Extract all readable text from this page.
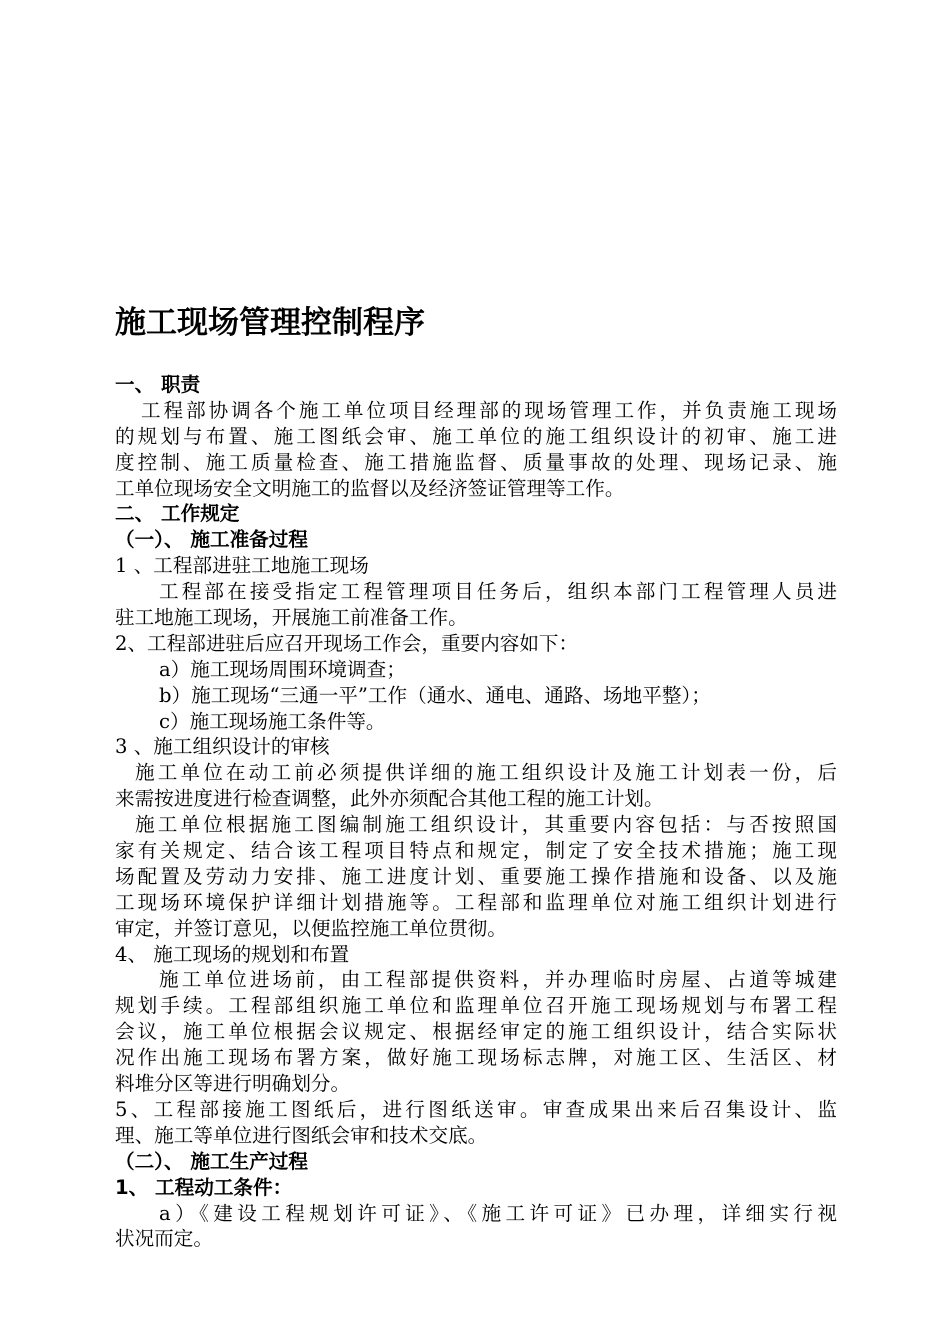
施工现场管理控制程序
一、 职责
工程部协调各个施工单位项目经理部的现场管理工作，并负责施工现场
的规划与布置、施工图纸会审、施工单位的施工组织设计的初审、施工进
度控制、施工质量检查、施工措施监督、质量事故的处理、现场记录、施
工单位现场安全文明施工的监督以及经济签证管理等工作。
二、 工作规定
（一）、 施工准备过程
1 、工程部进驻工地施工现场
工程部在接受指定工程管理项目任务后，组织本部门工程管理人员进
驻工地施工现场，开展施工前准备工作。
2、工程部进驻后应召开现场工作会，重要内容如下：
a）施工现场周围环境调查；
b）施工现场“三通一平”工作（通水、通电、通路、场地平整）；
c）施工现场施工条件等。
3 、施工组织设计的审核
施工单位在动工前必须提供详细的施工组织设计及施工计划表一份，后
来需按进度进行检查调整，此外亦须配合其他工程的施工计划。
施工单位根据施工图编制施工组织设计，其重要内容包括：与否按照国
家有关规定、结合该工程项目特点和规定，制定了安全技术措施；施工现
场配置及劳动力安排、施工进度计划、重要施工操作措施和设备、以及施
工现场环境保护详细计划措施等。工程部和监理单位对施工组织计划进行
审定，并签订意见，以便监控施工单位贯彻。
4、 施工现场的规划和布置
施工单位进场前，由工程部提供资料，并办理临时房屋、占道等城建
规划手续。工程部组织施工单位和监理单位召开施工现场规划与布署工程
会议，施工单位根据会议规定、根据经审定的施工组织设计，结合实际状
况作出施工现场布署方案，做好施工现场标志牌，对施工区、生活区、材
料堆分区等进行明确划分。
5、工程部接施工图纸后，进行图纸送审。审查成果出来后召集设计、监
理、施工等单位进行图纸会审和技术交底。
（二）、 施工生产过程
1、 工程动工条件：
a）《建设工程规划许可证》、《施工许可证》已办理，详细实行视
状况而定。
